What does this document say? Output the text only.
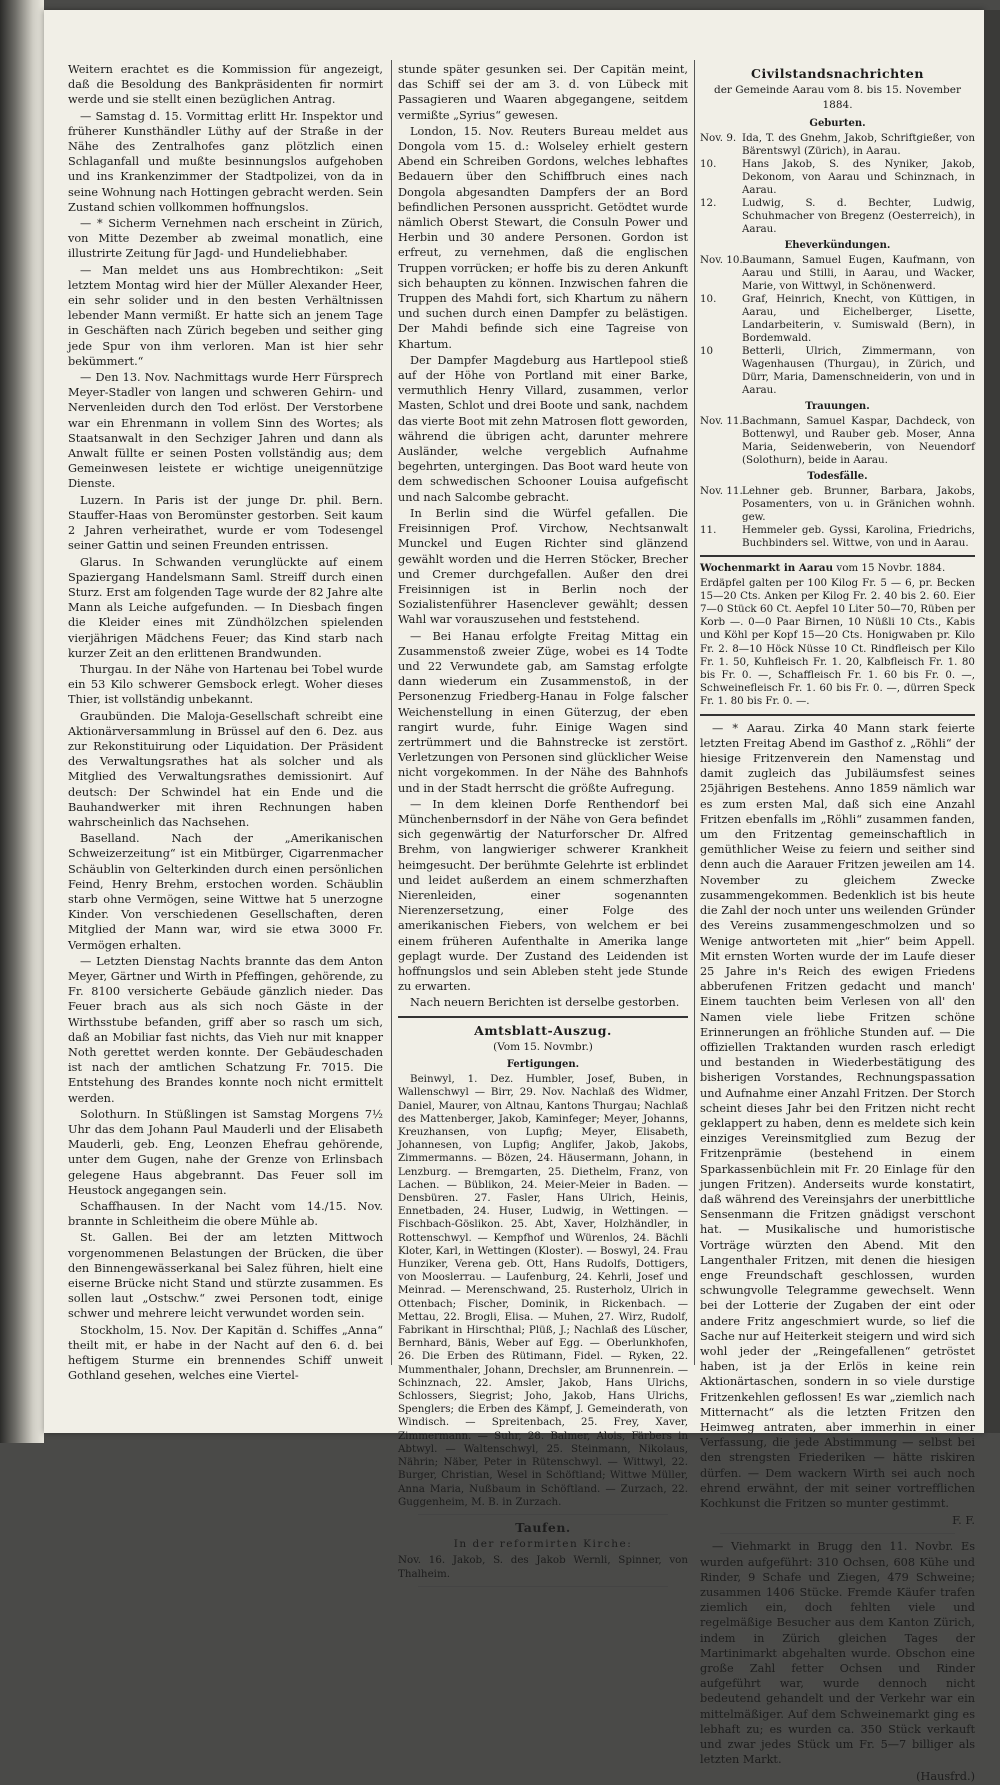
Weitern erachtet es die Kommission für angezeigt, daß die Besoldung des Bankpräsidenten fir normirt werde und sie stellt einen bezüglichen Antrag.

— Samstag d. 15. Vormittag erlitt Hr. Inspektor und früherer Kunsthändler Lüthy auf der Straße in der Nähe des Zentralhofes ganz plötzlich einen Schlaganfall und mußte besinnungslos aufgehoben und ins Krankenzimmer der Stadtpolizei, von da in seine Wohnung nach Hottingen gebracht werden. Sein Zustand schien vollkommen hoffnungslos.

— * Sicherm Vernehmen nach erscheint in Zürich, von Mitte Dezember ab zweimal monatlich, eine illustrirte Zeitung für Jagd- und Hundeliebhaber.

— Man meldet uns aus Hombrechtikon: „Seit letztem Montag wird hier der Müller Alexander Heer, ein sehr solider und in den besten Verhältnissen lebender Mann vermißt. Er hatte sich an jenem Tage in Geschäften nach Zürich begeben und seither ging jede Spur von ihm verloren. Man ist hier sehr bekümmert.“

— Den 13. Nov. Nachmittags wurde Herr Fürsprech Meyer-Stadler von langen und schweren Gehirn- und Nervenleiden durch den Tod erlöst. Der Verstorbene war ein Ehrenmann in vollem Sinn des Wortes; als Staatsanwalt in den Sechziger Jahren und dann als Anwalt füllte er seinen Posten vollständig aus; dem Gemeinwesen leistete er wichtige uneigennützige Dienste.

Luzern. In Paris ist der junge Dr. phil. Bern. Stauffer-Haas von Beromünster gestorben. Seit kaum 2 Jahren verheirathet, wurde er vom Todesengel seiner Gattin und seinen Freunden entrissen.

Glarus. In Schwanden verunglückte auf einem Spaziergang Handelsmann Saml. Streiff durch einen Sturz. Erst am folgenden Tage wurde der 82 Jahre alte Mann als Leiche aufgefunden. — In Diesbach fingen die Kleider eines mit Zündhölzchen spielenden vierjährigen Mädchens Feuer; das Kind starb nach kurzer Zeit an den erlittenen Brandwunden.

Thurgau. In der Nähe von Hartenau bei Tobel wurde ein 53 Kilo schwerer Gemsbock erlegt. Woher dieses Thier, ist vollständig unbekannt.

Graubünden. Die Maloja-Gesellschaft schreibt eine Aktionärversammlung in Brüssel auf den 6. Dez. aus zur Rekonstituirung oder Liquidation. Der Präsident des Verwaltungsrathes hat als solcher und als Mitglied des Verwaltungsrathes demissionirt. Auf deutsch: Der Schwindel hat ein Ende und die Bauhandwerker mit ihren Rechnungen haben wahrscheinlich das Nachsehen.

Baselland. Nach der „Amerikanischen Schweizerzeitung“ ist ein Mitbürger, Cigarrenmacher Schäublin von Gelterkinden durch einen persönlichen Feind, Henry Brehm, erstochen worden. Schäublin starb ohne Vermögen, seine Wittwe hat 5 unerzogne Kinder. Von verschiedenen Gesellschaften, deren Mitglied der Mann war, wird sie etwa 3000 Fr. Vermögen erhalten.

— Letzten Dienstag Nachts brannte das dem Anton Meyer, Gärtner und Wirth in Pfeffingen, gehörende, zu Fr. 8100 versicherte Gebäude gänzlich nieder. Das Feuer brach aus als sich noch Gäste in der Wirthsstube befanden, griff aber so rasch um sich, daß an Mobiliar fast nichts, das Vieh nur mit knapper Noth gerettet werden konnte. Der Gebäudeschaden ist nach der amtlichen Schatzung Fr. 7015. Die Entstehung des Brandes konnte noch nicht ermittelt werden.

Solothurn. In Stüßlingen ist Samstag Morgens 7½ Uhr das dem Johann Paul Mauderli und der Elisabeth Mauderli, geb. Eng, Leonzen Ehefrau gehörende, unter dem Gugen, nahe der Grenze von Erlinsbach gelegene Haus abgebrannt. Das Feuer soll im Heustock angegangen sein.

Schaffhausen. In der Nacht vom 14./15. Nov. brannte in Schleitheim die obere Mühle ab.

St. Gallen. Bei der am letzten Mittwoch vorgenommenen Belastungen der Brücken, die über den Binnengewässerkanal bei Salez führen, hielt eine eiserne Brücke nicht Stand und stürzte zusammen. Es sollen laut „Ostschw.“ zwei Personen todt, einige schwer und mehrere leicht verwundet worden sein.

Stockholm, 15. Nov. Der Kapitän d. Schiffes „Anna“ theilt mit, er habe in der Nacht auf den 6. d. bei heftigem Sturme ein brennendes Schiff unweit Gothland gesehen, welches eine Viertel-

stunde später gesunken sei. Der Capitän meint, das Schiff sei der am 3. d. von Lübeck mit Passagieren und Waaren abgegangene, seitdem vermißte „Syrius“ gewesen.

London, 15. Nov. Reuters Bureau meldet aus Dongola vom 15. d.: Wolseley erhielt gestern Abend ein Schreiben Gordons, welches lebhaftes Bedauern über den Schiffbruch eines nach Dongola abgesandten Dampfers der an Bord befindlichen Personen ausspricht. Getödtet wurde nämlich Oberst Stewart, die Consuln Power und Herbin und 30 andere Personen. Gordon ist erfreut, zu vernehmen, daß die englischen Truppen vorrücken; er hoffe bis zu deren Ankunft sich behaupten zu können. Inzwischen fahren die Truppen des Mahdi fort, sich Khartum zu nähern und suchen durch einen Dampfer zu belästigen. Der Mahdi befinde sich eine Tagreise von Khartum.

Der Dampfer Magdeburg aus Hartlepool stieß auf der Höhe von Portland mit einer Barke, vermuthlich Henry Villard, zusammen, verlor Masten, Schlot und drei Boote und sank, nachdem das vierte Boot mit zehn Matrosen flott geworden, während die übrigen acht, darunter mehrere Ausländer, welche vergeblich Aufnahme begehrten, untergingen. Das Boot ward heute von dem schwedischen Schooner Louisa aufgefischt und nach Salcombe gebracht.

In Berlin sind die Würfel gefallen. Die Freisinnigen Prof. Virchow, Nechtsanwalt Munckel und Eugen Richter sind glänzend gewählt worden und die Herren Stöcker, Brecher und Cremer durchgefallen. Außer den drei Freisinnigen ist in Berlin noch der Sozialistenführer Hasenclever gewählt; dessen Wahl war vorauszusehen und feststehend.

— Bei Hanau erfolgte Freitag Mittag ein Zusammenstoß zweier Züge, wobei es 14 Todte und 22 Verwundete gab, am Samstag erfolgte dann wiederum ein Zusammenstoß, in der Personenzug Friedberg-Hanau in Folge falscher Weichenstellung in einen Güterzug, der eben rangirt wurde, fuhr. Einige Wagen sind zertrümmert und die Bahnstrecke ist zerstört. Verletzungen von Personen sind glücklicher Weise nicht vorgekommen. In der Nähe des Bahnhofs und in der Stadt herrscht die größte Aufregung.

— In dem kleinen Dorfe Renthendorf bei Münchenbernsdorf in der Nähe von Gera befindet sich gegenwärtig der Naturforscher Dr. Alfred Brehm, von langwieriger schwerer Krankheit heimgesucht. Der berühmte Gelehrte ist erblindet und leidet außerdem an einem schmerzhaften Nierenleiden, einer sogenannten Nierenzersetzung, einer Folge des amerikanischen Fiebers, von welchem er bei einem früheren Aufenthalte in Amerika lange geplagt wurde. Der Zustand des Leidenden ist hoffnungslos und sein Ableben steht jede Stunde zu erwarten.

Nach neuern Berichten ist derselbe gestorben.

Amtsblatt-Auszug.
(Vom 15. Novmbr.)
Fertigungen.

Beinwyl, 1. Dez. Humbler, Josef, Buben, in Wallenschwyl — Birr, 29. Nov. Nachlaß des Widmer, Daniel, Maurer, von Altnau, Kantons Thurgau; Nachlaß des Mattenberger, Jakob, Kaminfeger; Meyer, Johanns, Kreuzhansen, von Lupfig; Meyer, Elisabeth, Johannesen, von Lupfig; Anglifer, Jakob, Jakobs, Zimmermanns. — Bözen, 24. Häusermann, Johann, in Lenzburg. — Bremgarten, 25. Diethelm, Franz, von Lachen. — Büblikon, 24. Meier-Meier in Baden. — Densbüren. 27. Fasler, Hans Ulrich, Heinis, Ennetbaden, 24. Huser, Ludwig, in Wettingen. — Fischbach-Göslikon. 25. Abt, Xaver, Holzhändler, in Rottenschwyl. — Kempfhof und Würenlos, 24. Bächli Kloter, Karl, in Wettingen (Kloster). — Boswyl, 24. Frau Hunziker, Verena geb. Ott, Hans Rudolfs, Dottigers, von Mooslerrau. — Laufenburg, 24. Kehrli, Josef und Meinrad. — Merenschwand, 25. Rusterholz, Ulrich in Ottenbach; Fischer, Dominik, in Rickenbach. — Mettau, 22. Brogli, Elisa. — Muhen, 27. Wirz, Rudolf, Fabrikant in Hirschthal; Plüß, J.; Nachlaß des Lüscher, Bernhard, Bänis, Weber auf Egg. — Oberlunkhofen, 26. Die Erben des Rütimann, Fidel. — Ryken, 22. Mummenthaler, Johann, Drechsler, am Brunnenrein. — Schinznach, 22. Amsler, Jakob, Hans Ulrichs, Schlossers, Siegrist; Joho, Jakob, Hans Ulrichs, Spenglers; die Erben des Kämpf, J. Gemeinderath, von Windisch. — Spreitenbach, 25. Frey, Xaver, Zimmermann. — Suhr, 28. Balmer, Alois, Färbers in Abtwyl. — Waltenschwyl, 25. Steinmann, Nikolaus, Nährin; Näber, Peter in Rütenschwyl. — Wittwyl, 22. Burger, Christian, Wesel in Schöftland; Wittwe Müller, Anna Maria, Nußbaum in Schöftland. — Zurzach, 22. Guggenheim, M. B. in Zurzach.

Taufen.
In der reformirten Kirche:

Nov. 16. Jakob, S. des Jakob Wernli, Spinner, von Thalheim.

Civilstandsnachrichten
der Gemeinde Aarau vom 8. bis 15. November 1884.
Geburten.
Nov. 9. Ida, T. des Gnehm, Jakob, Schriftgießer, von Bärentswyl (Zürich), in Aarau.
10.	Hans Jakob, S. des Nyniker, Jakob, Dekonom, von Aarau und Schinznach, in Aarau.
12.	Ludwig, S. d. Bechter, Ludwig, Schuhmacher von Bregenz (Oesterreich), in Aarau.
Eheverkündungen.
Nov. 10. Baumann, Samuel Eugen, Kaufmann, von Aarau und Stilli, in Aarau, und Wacker, Marie, von Wittwyl, in Schönenwerd.
10.	Graf, Heinrich, Knecht, von Küttigen, in Aarau, und Eichelberger, Lisette, Landarbeiterin, v. Sumiswald (Bern), in Bordemwald.
10	Betterli, Ulrich, Zimmermann, von Wagenhausen (Thurgau), in Zürich, und Dürr, Maria, Damenschneiderin, von und in Aarau.
Trauungen.
Nov. 11. Bachmann, Samuel Kaspar, Dachdeck, von Bottenwyl, und Rauber geb. Moser, Anna Maria, Seidenweberin, von Neuendorf (Solothurn), beide in Aarau.
Todesfälle.
Nov. 11. Lehner geb. Brunner, Barbara, Jakobs, Posamenters, von u. in Gränichen wohnh. gew.
11.	Hemmeler geb. Gyssi, Karolina, Friedrichs, Buchbinders sel. Wittwe, von und in Aarau.

Wochenmarkt in Aarau vom 15 Novbr. 1884.

Erdäpfel galten per 100 Kilog Fr. 5 — 6, pr. Becken 15—20 Cts. Anken per Kilog Fr. 2. 40 bis 2. 60. Eier 7—0 Stück 60 Ct. Aepfel 10 Liter 50—70, Rüben per Korb —. 0—0 Paar Birnen, 10 Nüßli 10 Cts., Kabis und Köhl per Kopf 15—20 Cts. Honigwaben pr. Kilo Fr. 2. 8—10 Höck Nüsse 10 Ct. Rindfleisch per Kilo Fr. 1. 50, Kuhfleisch Fr. 1. 20, Kalbfleisch Fr. 1. 80 bis Fr. 0. —, Schaffleisch Fr. 1. 60 bis Fr. 0. —, Schweinefleisch Fr. 1. 60 bis Fr. 0. —, dürren Speck Fr. 1. 80 bis Fr. 0. —.

— * Aarau. Zirka 40 Mann stark feierte letzten Freitag Abend im Gasthof z. „Röhli“ der hiesige Fritzenverein den Namenstag und damit zugleich das Jubiläumsfest seines 25jährigen Bestehens. Anno 1859 nämlich war es zum ersten Mal, daß sich eine Anzahl Fritzen ebenfalls im „Röhli“ zusammen fanden, um den Fritzentag gemeinschaftlich in gemüthlicher Weise zu feiern und seither sind denn auch die Aarauer Fritzen jeweilen am 14. November zu gleichem Zwecke zusammengekommen. Bedenklich ist bis heute die Zahl der noch unter uns weilenden Gründer des Vereins zusammengeschmolzen und so Wenige antworteten mit „hier“ beim Appell. Mit ernsten Worten wurde der im Laufe dieser 25 Jahre in's Reich des ewigen Friedens abberufenen Fritzen gedacht und manch' Einem tauchten beim Verlesen von all' den Namen viele liebe Fritzen schöne Erinnerungen an fröhliche Stunden auf. — Die offiziellen Traktanden wurden rasch erledigt und bestanden in Wiederbestätigung des bisherigen Vorstandes, Rechnungspassation und Aufnahme einer Anzahl Fritzen. Der Storch scheint dieses Jahr bei den Fritzen nicht recht geklappert zu haben, denn es meldete sich kein einziges Vereinsmitglied zum Bezug der Fritzenprämie (bestehend in einem Sparkassenbüchlein mit Fr. 20 Einlage für den jungen Fritzen). Anderseits wurde konstatirt, daß während des Vereinsjahrs der unerbittliche Sensenmann die Fritzen gnädigst verschont hat. — Musikalische und humoristische Vorträge würzten den Abend. Mit den Langenthaler Fritzen, mit denen die hiesigen enge Freundschaft geschlossen, wurden schwungvolle Telegramme gewechselt. Wenn bei der Lotterie der Zugaben der eint oder andere Fritz angeschmiert wurde, so lief die Sache nur auf Heiterkeit steigern und wird sich wohl jeder der „Reingefallenen“ getröstet haben, ist ja der Erlös in keine rein Aktionärtaschen, sondern in so viele durstige Fritzenkehlen geflossen! Es war „ziemlich nach Mitternacht“ als die letzten Fritzen den Heimweg antraten, aber immerhin in einer Verfassung, die jede Abstimmung — selbst bei den strengsten Friederiken — hätte riskiren dürfen. — Dem wackern Wirth sei auch noch ehrend erwähnt, der mit seiner vortrefflichen Kochkunst die Fritzen so munter gestimmt.

F. F.

— Viehmarkt in Brugg den 11. Novbr. Es wurden aufgeführt: 310 Ochsen, 608 Kühe und Rinder, 9 Schafe und Ziegen, 479 Schweine; zusammen 1406 Stücke. Fremde Käufer trafen ziemlich ein, doch fehlten viele und regelmäßige Besucher aus dem Kanton Zürich, indem in Zürich gleichen Tages der Martinimarkt abgehalten wurde. Obschon eine große Zahl fetter Ochsen und Rinder aufgeführt war, wurde dennoch nicht bedeutend gehandelt und der Verkehr war ein mittelmäßiger. Auf dem Schweinemarkt ging es lebhaft zu; es wurden ca. 350 Stück verkauft und zwar jedes Stück um Fr. 5—7 billiger als letzten Markt.

(Hausfrd.)
